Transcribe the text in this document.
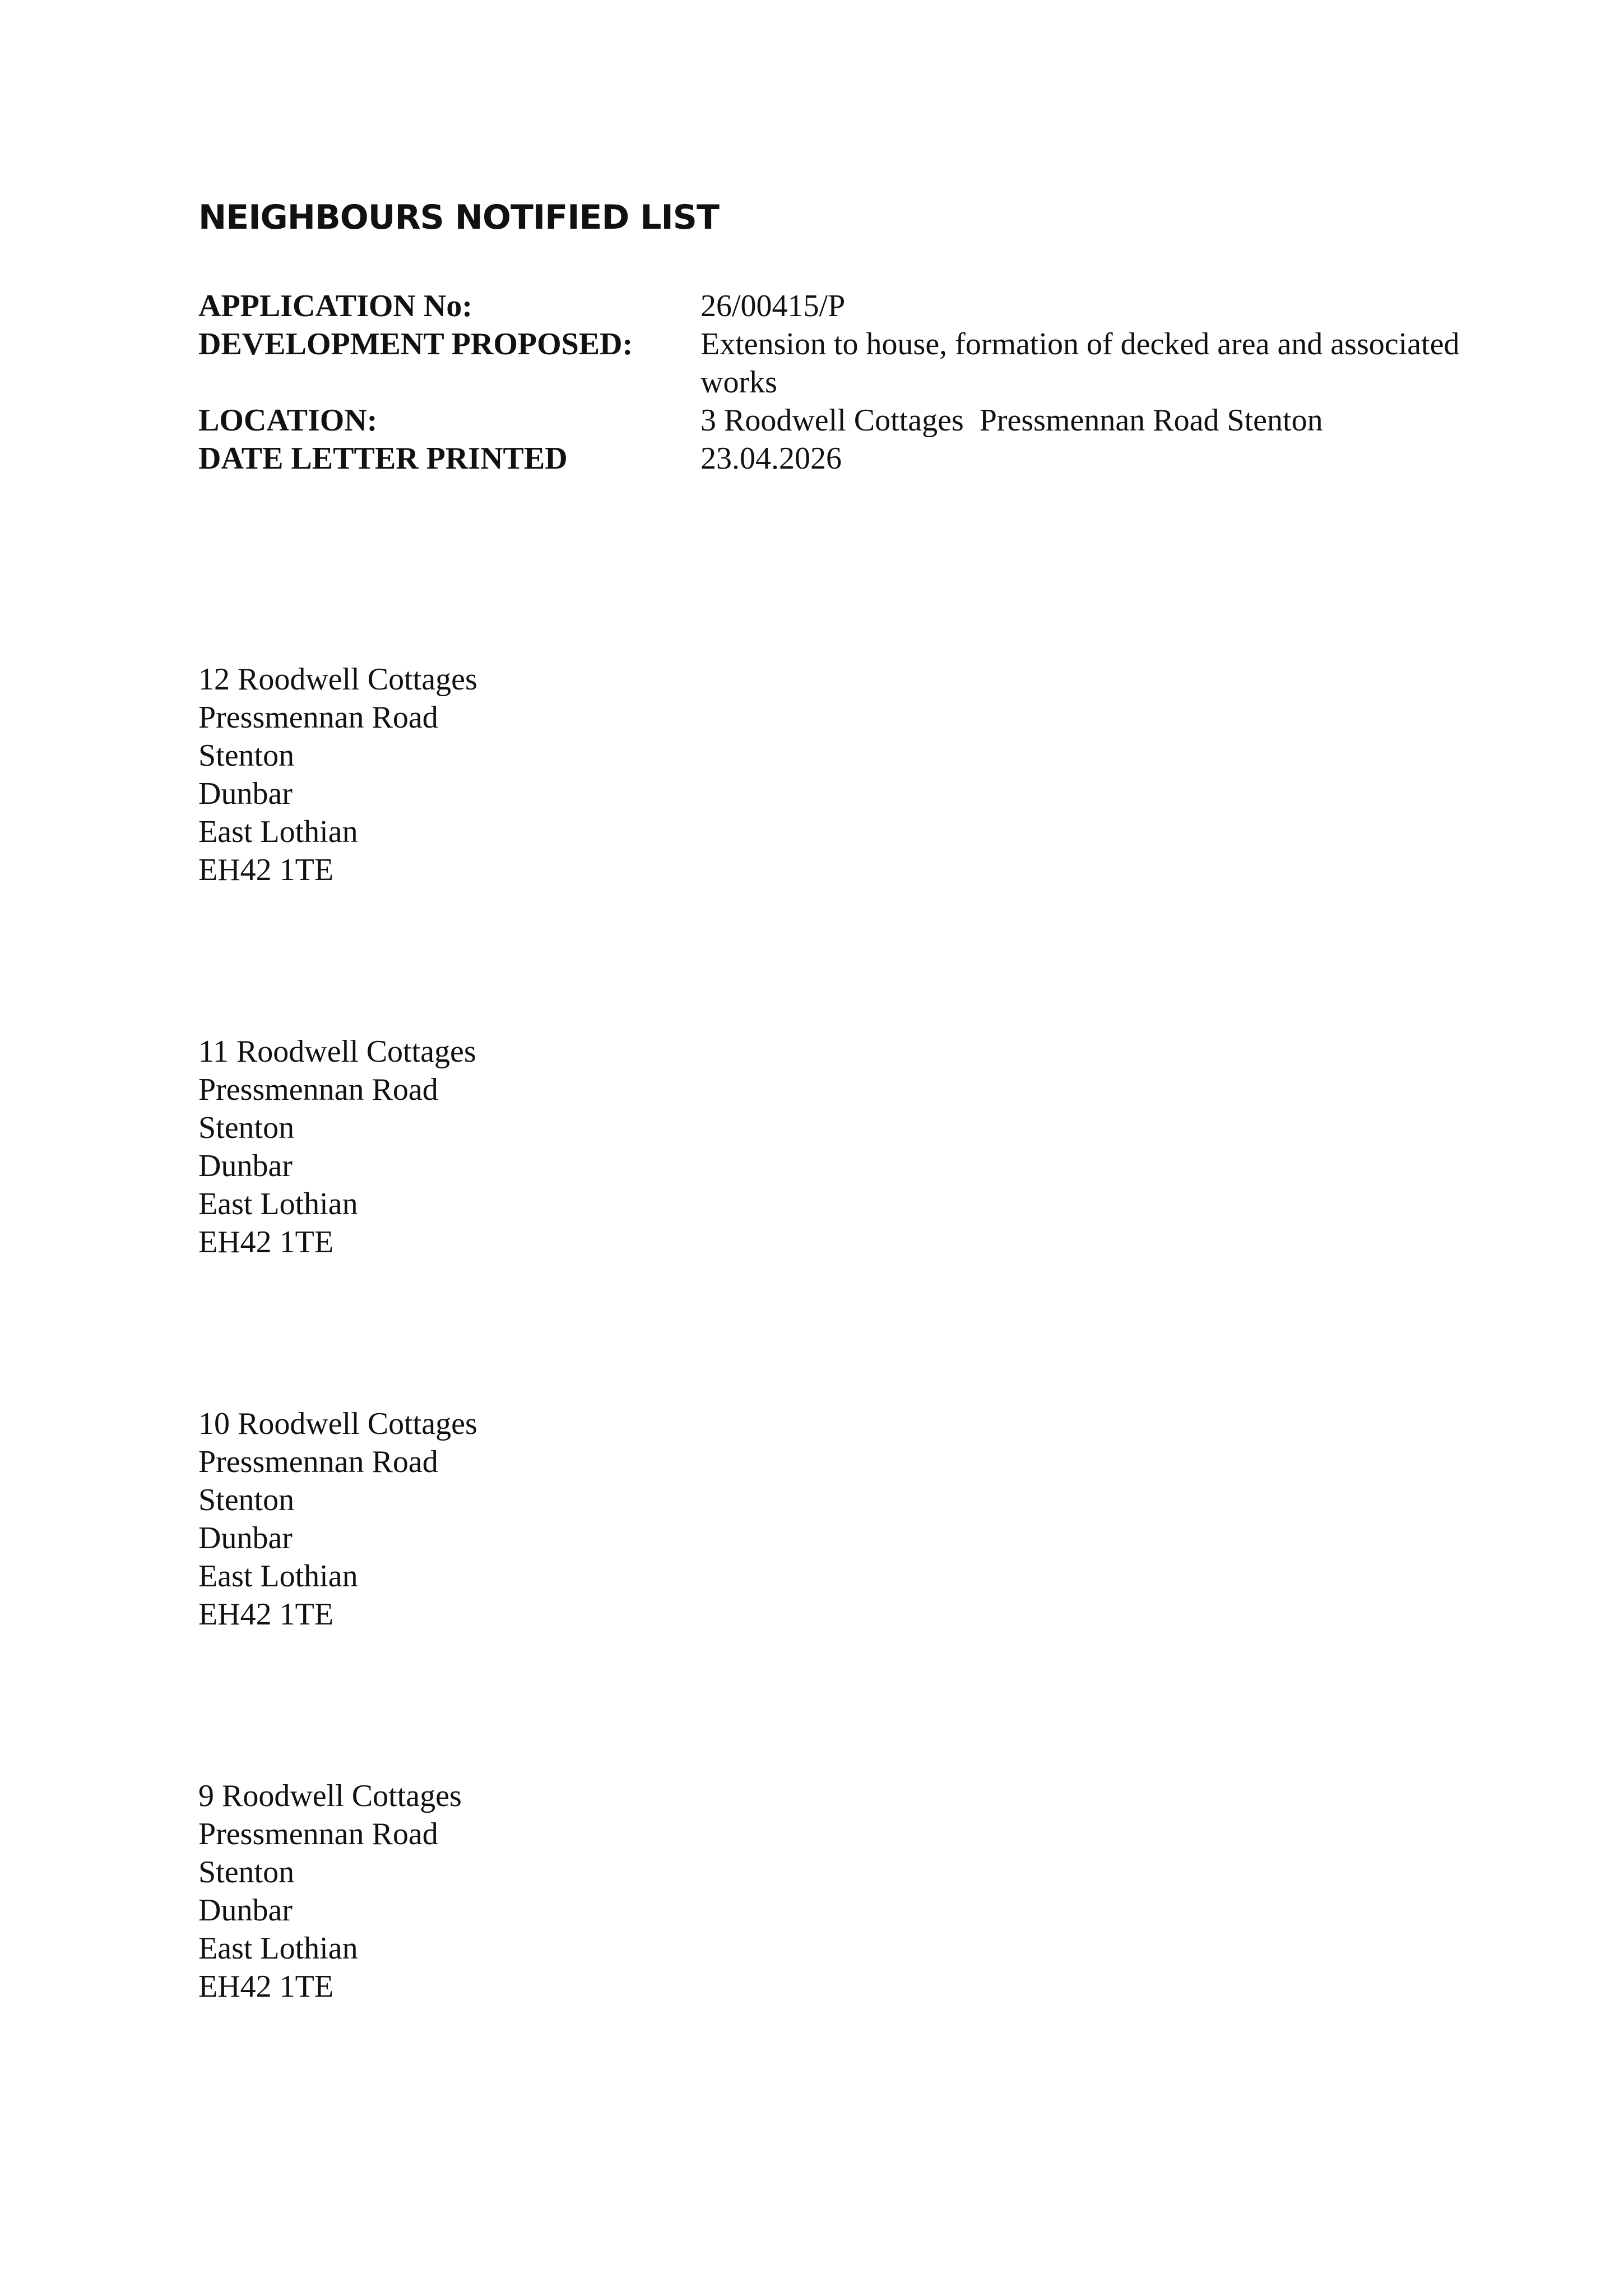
NEIGHBOURS NOTIFIED LIST
APPLICATION No:	26/00415/P
DEVELOPMENT PROPOSED:	Extension to house, formation of decked area and associated works
LOCATION:	3 Roodwell Cottages  Pressmennan Road Stenton
DATE LETTER PRINTED	23.04.2026
12 Roodwell Cottages
Pressmennan Road
Stenton
Dunbar
East Lothian
EH42 1TE
11 Roodwell Cottages
Pressmennan Road
Stenton
Dunbar
East Lothian
EH42 1TE
10 Roodwell Cottages
Pressmennan Road
Stenton
Dunbar
East Lothian
EH42 1TE
9 Roodwell Cottages
Pressmennan Road
Stenton
Dunbar
East Lothian
EH42 1TE
